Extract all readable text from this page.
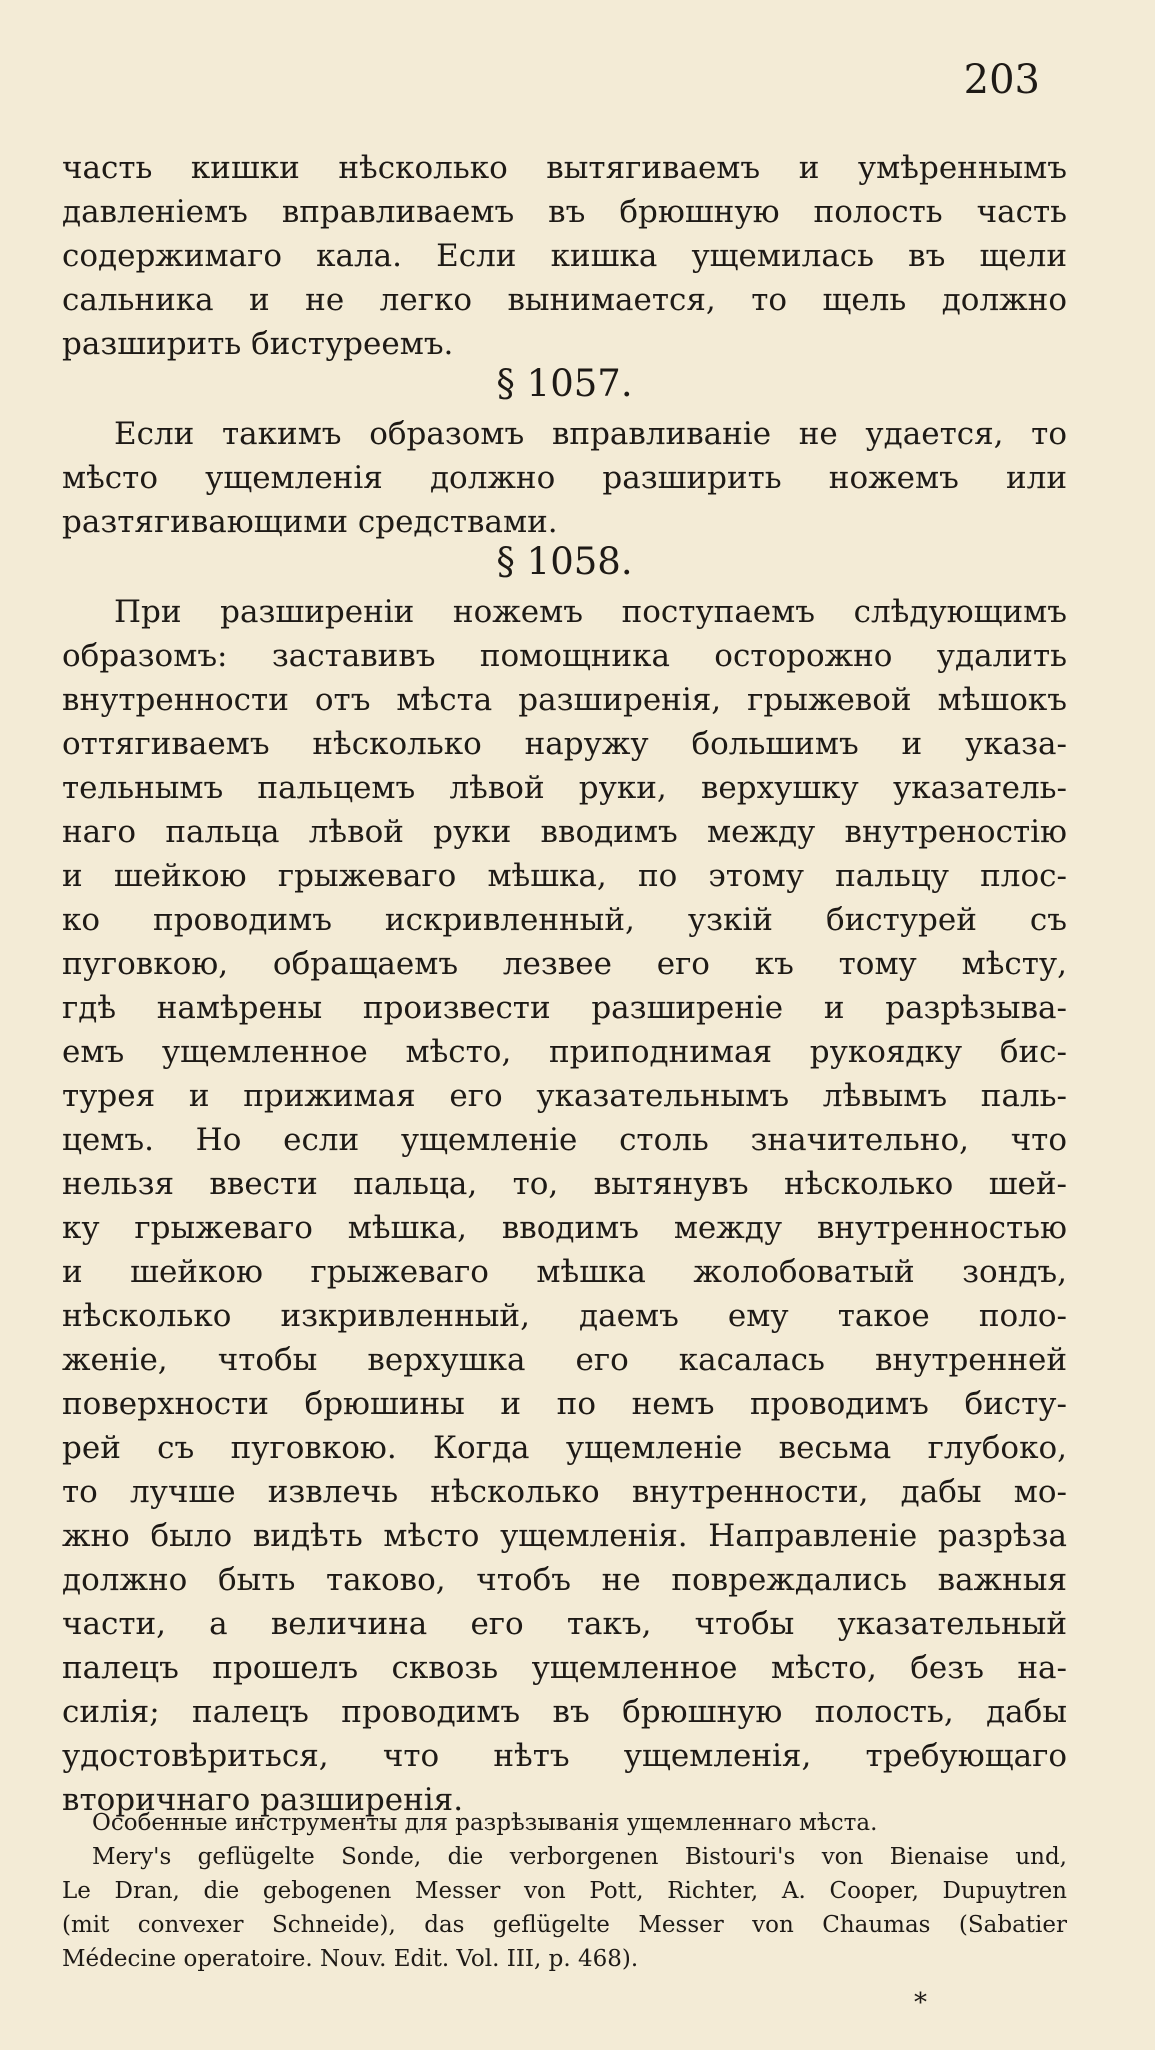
203
часть кишки нѣсколько вытягиваемъ и умѣреннымъ
давленiемъ вправливаемъ въ брюшную полость часть
содержимаго кала. Если кишка ущемилась въ щели
сальника и не легко вынимается, то щель должно
разширить бистуреемъ.
§ 1057.
Если такимъ образомъ вправливанiе не удается, то
мѣсто ущемленiя должно разширить ножемъ или
разтягивающими средствами.
§ 1058.
При разширенiи ножемъ поступаемъ слѣдующимъ
образомъ: заставивъ помощника осторожно удалить
внутренности отъ мѣста разширенiя, грыжевой мѣшокъ
оттягиваемъ нѣсколько наружу большимъ и указа-
тельнымъ пальцемъ лѣвой руки, верхушку указатель-
наго пальца лѣвой руки вводимъ между внутреностiю
и шейкою грыжеваго мѣшка, по этому пальцу плос-
ко проводимъ искривленный, узкiй бистурей съ
пуговкою, обращаемъ лезвее его къ тому мѣсту,
гдѣ намѣрены произвести разширенiе и разрѣзыва-
емъ ущемленное мѣсто, приподнимая рукоядку бис-
турея и прижимая его указательнымъ лѣвымъ паль-
цемъ. Но если ущемленiе столь значительно, что
нельзя ввести пальца, то, вытянувъ нѣсколько шей-
ку грыжеваго мѣшка, вводимъ между внутренностью
и шейкою грыжеваго мѣшка жолобоватый зондъ,
нѣсколько изкривленный, даемъ ему такое поло-
женiе, чтобы верхушка его касалась внутренней
поверхности брюшины и по немъ проводимъ бисту-
рей съ пуговкою. Когда ущемленiе весьма глубоко,
то лучше извлечь нѣсколько внутренности, дабы мо-
жно было видѣть мѣсто ущемленiя. Направленiе разрѣза
должно быть таково, чтобъ не повреждались важныя
части, а величина его такъ, чтобы указательный
палецъ прошелъ сквозь ущемленное мѣсто, безъ на-
силiя; палецъ проводимъ въ брюшную полость, дабы
удостовѣриться, что нѣтъ ущемленiя, требующаго
вторичнаго разширенiя.
Особенные инструменты для разрѣзыванiя ущемленнаго мѣста.
Mery's geflügelte Sonde, die verborgenen Bistouri's von Bienaise und,
Le Dran, die gebogenen Messer von Pott, Richter, A. Cooper, Dupuytren
(mit convexer Schneide), das geflügelte Messer von Chaumas (Sabatier
Médecine operatoire. Nouv. Edit. Vol. III, p. 468).
*
